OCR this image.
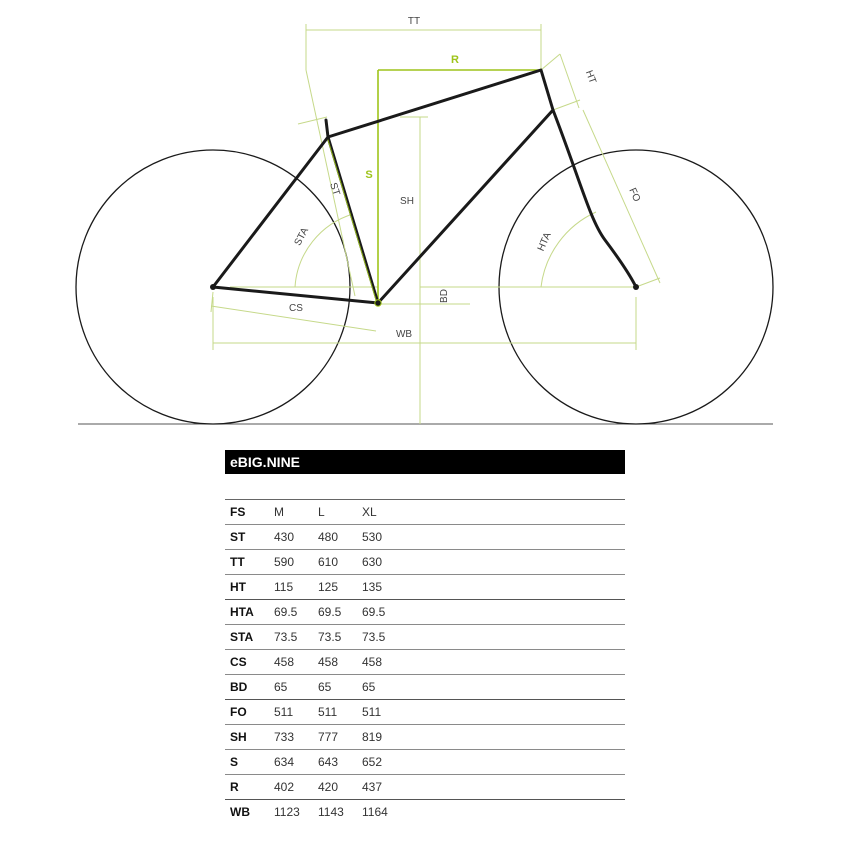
TT
R
HT
S
ST
SH
STA
FO
HTA
BD
CS
WB
eBIG.NINE
FS	M	L	XL	
ST	430	480	530	
TT	590	610	630	
HT	115	125	135	
HTA	69.5	69.5	69.5	
STA	73.5	73.5	73.5	
CS	458	458	458	
BD	65	65	65	
FO	511	511	511	
SH	733	777	819	
S	634	643	652	
R	402	420	437	
WB	1123	1143	1164	
